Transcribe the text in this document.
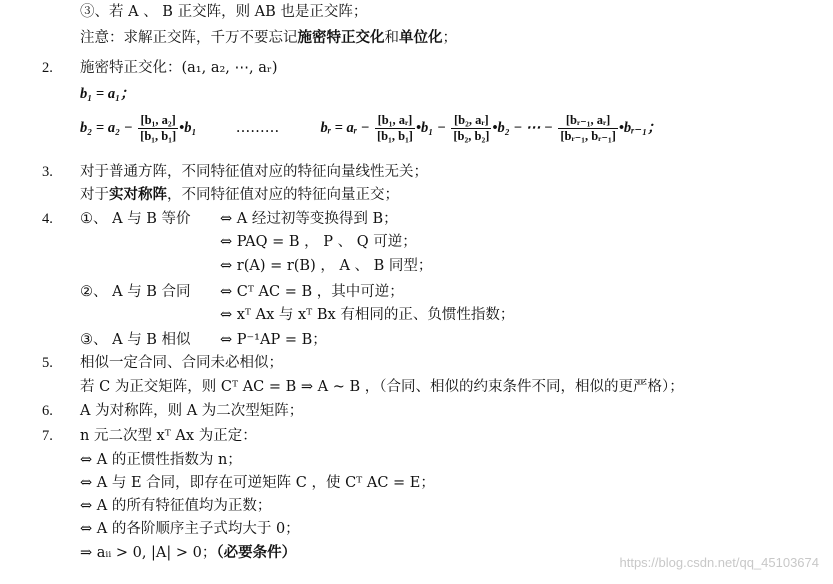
③、若 A 、 B 正交阵，则 AB 也是正交阵；
注意：求解正交阵，千万不要忘记施密特正交化和单位化；
2. 施密特正交化：(a₁, a₂, ⋯, aᵣ)
b₁ = a₁；
$b_2 = a_2 - \frac{\text{[b₁, a₂]}}{\text{[b₁, b₁]}}$ •b₁	………	bᵣ = aᵣ − $\frac{\text{[b₁, aᵣ]}}{\text{[b₁, b₁]}}$ •b₁ − $\frac{\text{[b₂, aᵣ]}}{\text{[b₂, b₂]}}$ •b₂ − ⋯ − $\frac{\text{[bᵣ₋₁, aᵣ]}}{\text{[bᵣ₋₁, bᵣ₋₁]}}$ •bᵣ₋₁；
3. 对于普通方阵，不同特征值对应的特征向量线性无关；
对于实对称阵，不同特征值对应的特征向量正交；
4. ①、 A 与 B 等价 ⇔ A 经过初等变换得到 B；
⇔ PAQ = B ， P 、 Q 可逆；
⇔ r(A) = r(B) ， A 、 B 同型；
②、 A 与 B 合同 ⇔ Cᵀ AC = B ，其中可逆；
⇔ xᵀ Ax 与 xᵀ Bx 有相同的正、负惯性指数；
③、 A 与 B 相似 ⇔ P⁻¹AP = B；
5. 相似一定合同、合同未必相似；
若 C 为正交矩阵，则 Cᵀ AC = B ⇒ A ~ B ，（合同、相似的约束条件不同，相似的更严格）；
6. A 为对称阵，则 A 为二次型矩阵；
7. n 元二次型 xᵀ Ax 为正定：
⇔ A 的正惯性指数为 n；
⇔ A 与 E 合同，即存在可逆矩阵 C ，使 Cᵀ AC = E；
⇔ A 的所有特征值均为正数；
⇔ A 的各阶顺序主子式均大于 0；
⇒ aᵢᵢ > 0, |A| > 0；（必要条件）
https://blog.csdn.net/qq_45103674
